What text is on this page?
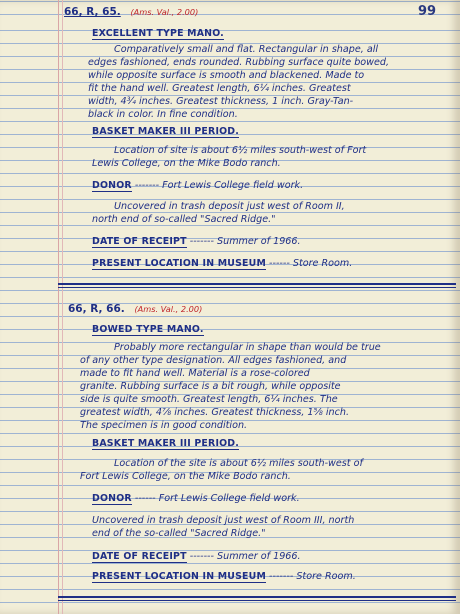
99
66, R, 65. (Ams. Val., 2.00)
EXCELLENT TYPE MANO.
Comparatively small and flat. Rectangular in shape, all
edges fashioned, ends rounded. Rubbing surface quite bowed,
while opposite surface is smooth and blackened. Made to
fit the hand well. Greatest length, 6¼ inches. Greatest
width, 4¾ inches. Greatest thickness, 1 inch. Gray-Tan-
black in color. In fine condition.
BASKET MAKER III PERIOD.
Location of site is about 6½ miles south-west of Fort
Lewis College, on the Mike Bodo ranch.
DONOR ------- Fort Lewis College field work.
Uncovered in trash deposit just west of Room II,
north end of so-called "Sacred Ridge."
DATE OF RECEIPT ------- Summer of 1966.
PRESENT LOCATION IN MUSEUM ------ Store Room.
66, R, 66. (Ams. Val., 2.00)
BOWED TYPE MANO.
Probably more rectangular in shape than would be true
of any other type designation. All edges fashioned, and
made to fit hand well. Material is a rose-colored
granite. Rubbing surface is a bit rough, while opposite
side is quite smooth. Greatest length, 6¼ inches. The
greatest width, 4⅞ inches. Greatest thickness, 1⅝ inch.
The specimen is in good condition.
BASKET MAKER III PERIOD.
Location of the site is about 6½ miles south-west of
Fort Lewis College, on the Mike Bodo ranch.
DONOR ------ Fort Lewis College field work.
Uncovered in trash deposit just west of Room III, north
end of the so-called "Sacred Ridge."
DATE OF RECEIPT ------- Summer of 1966.
PRESENT LOCATION IN MUSEUM ------- Store Room.
